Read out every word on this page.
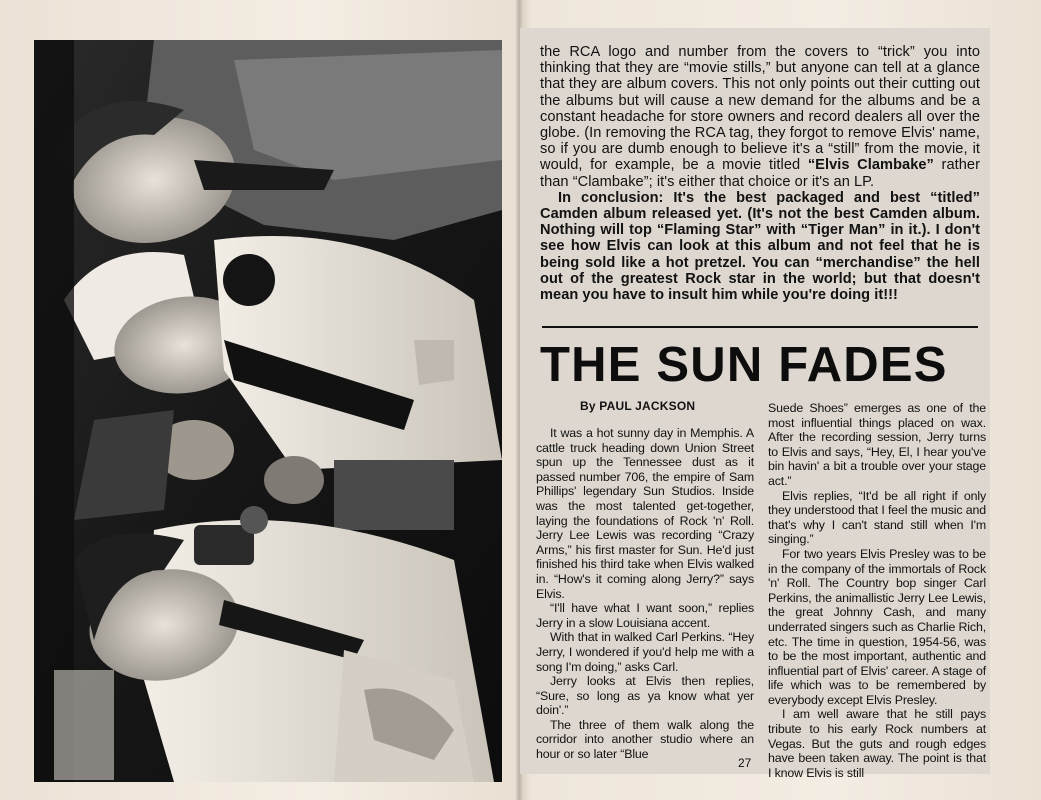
the RCA logo and number from the covers to “trick” you into thinking that they are “movie stills,” but anyone can tell at a glance that they are album covers. This not only points out their cutting out the albums but will cause a new demand for the albums and be a constant headache for store owners and record dealers all over the globe. (In removing the RCA tag, they forgot to remove Elvis' name, so if you are dumb enough to believe it's a “still” from the movie, it would, for example, be a movie titled “Elvis Clambake” rather than “Clambake”; it's either that choice or it's an LP.

In conclusion: It's the best packaged and best “titled” Camden album released yet. (It's not the best Camden album. Nothing will top “Flaming Star” with “Tiger Man” in it.). I don't see how Elvis can look at this album and not feel that he is being sold like a hot pretzel. You can “merchandise” the hell out of the greatest Rock star in the world; but that doesn't mean you have to insult him while you're doing it!!!

THE SUN FADES
By PAUL JACKSON

It was a hot sunny day in Memphis. A cattle truck heading down Union Street spun up the Tennessee dust as it passed number 706, the empire of Sam Phillips' legendary Sun Studios. Inside was the most talented get-together, laying the foundations of Rock 'n' Roll. Jerry Lee Lewis was recording “Crazy Arms,” his first master for Sun. He'd just finished his third take when Elvis walked in. “How's it coming along Jerry?” says Elvis.

“I'll have what I want soon,” replies Jerry in a slow Louisiana accent.

With that in walked Carl Perkins. “Hey Jerry, I wondered if you'd help me with a song I'm doing,” asks Carl.

Jerry looks at Elvis then replies, “Sure, so long as ya know what yer doin'.”

The three of them walk along the corridor into another studio where an hour or so later “Blue

Suede Shoes” emerges as one of the most influential things placed on wax. After the recording session, Jerry turns to Elvis and says, “Hey, El, I hear you've bin havin' a bit a trouble over your stage act.”

Elvis replies, “It'd be all right if only they understood that I feel the music and that's why I can't stand still when I'm singing.”

For two years Elvis Presley was to be in the company of the immortals of Rock 'n' Roll. The Country bop singer Carl Perkins, the animallistic Jerry Lee Lewis, the great Johnny Cash, and many underrated singers such as Charlie Rich, etc. The time in question, 1954-56, was to be the most important, authentic and influential part of Elvis' career. A stage of life which was to be remembered by everybody except Elvis Presley.

I am well aware that he still pays tribute to his early Rock numbers at Vegas. But the guts and rough edges have been taken away. The point is that I know Elvis is still

27
